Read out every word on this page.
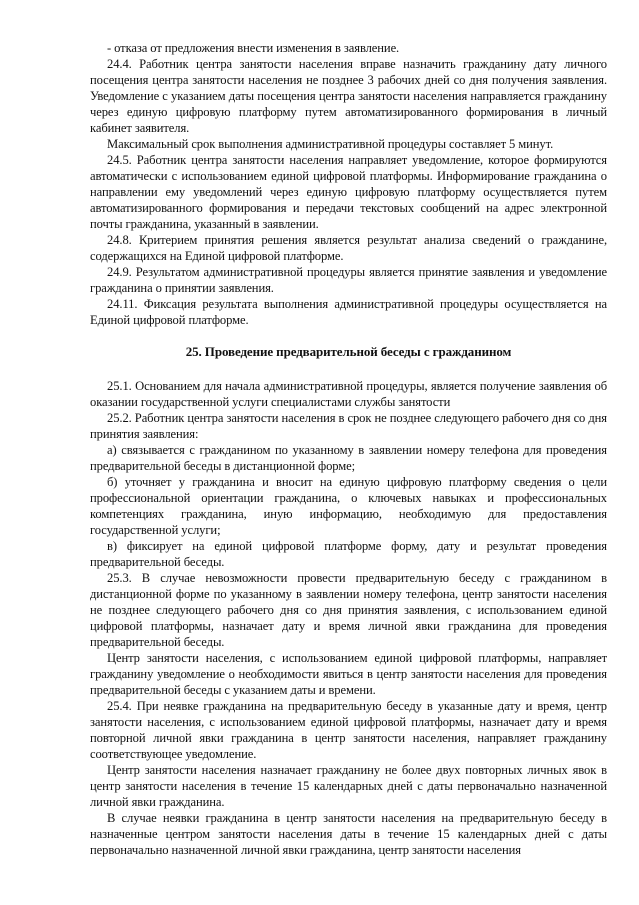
- отказа от предложения внести изменения в заявление.

24.4. Работник центра занятости населения вправе назначить гражданину дату личного посещения центра занятости населения не позднее 3 рабочих дней со дня получения заявления. Уведомление с указанием даты посещения центра занятости населения направляется гражданину через единую цифровую платформу путем автоматизированного формирования в личный кабинет заявителя.

Максимальный срок выполнения административной процедуры составляет 5 минут.

24.5. Работник центра занятости населения направляет уведомление, которое формируются автоматически с использованием единой цифровой платформы. Информирование гражданина о направлении ему уведомлений через единую цифровую платформу осуществляется путем автоматизированного формирования и передачи текстовых сообщений на адрес электронной почты гражданина, указанный в заявлении.

24.8. Критерием принятия решения является результат анализа сведений о гражданине, содержащихся на Единой цифровой платформе.

24.9. Результатом административной процедуры является принятие заявления и уведомление гражданина о принятии заявления.

24.11. Фиксация результата выполнения административной процедуры осуществляется на Единой цифровой платформе.

25. Проведение предварительной беседы с гражданином

25.1. Основанием для начала административной процедуры, является получение заявления об оказании государственной услуги специалистами службы занятости

25.2. Работник центра занятости населения в срок не позднее следующего рабочего дня со дня принятия заявления:

а) связывается с гражданином по указанному в заявлении номеру телефона для проведения предварительной беседы в дистанционной форме;

б) уточняет у гражданина и вносит на единую цифровую платформу сведения о цели профессиональной ориентации гражданина, о ключевых навыках и профессиональных компетенциях гражданина, иную информацию, необходимую для предоставления государственной услуги;

в) фиксирует на единой цифровой платформе форму, дату и результат проведения предварительной беседы.

25.3. В случае невозможности провести предварительную беседу с гражданином в дистанционной форме по указанному в заявлении номеру телефона, центр занятости населения не позднее следующего рабочего дня со дня принятия заявления, с использованием единой цифровой платформы, назначает дату и время личной явки гражданина для проведения предварительной беседы.

Центр занятости населения, с использованием единой цифровой платформы, направляет гражданину уведомление о необходимости явиться в центр занятости населения для проведения предварительной беседы с указанием даты и времени.

25.4. При неявке гражданина на предварительную беседу в указанные дату и время, центр занятости населения, с использованием единой цифровой платформы, назначает дату и время повторной личной явки гражданина в центр занятости населения, направляет гражданину соответствующее уведомление.

Центр занятости населения назначает гражданину не более двух повторных личных явок в центр занятости населения в течение 15 календарных дней с даты первоначально назначенной личной явки гражданина.

В случае неявки гражданина в центр занятости населения на предварительную беседу в назначенные центром занятости населения даты в течение 15 календарных дней с даты первоначально назначенной личной явки гражданина, центр занятости населения
